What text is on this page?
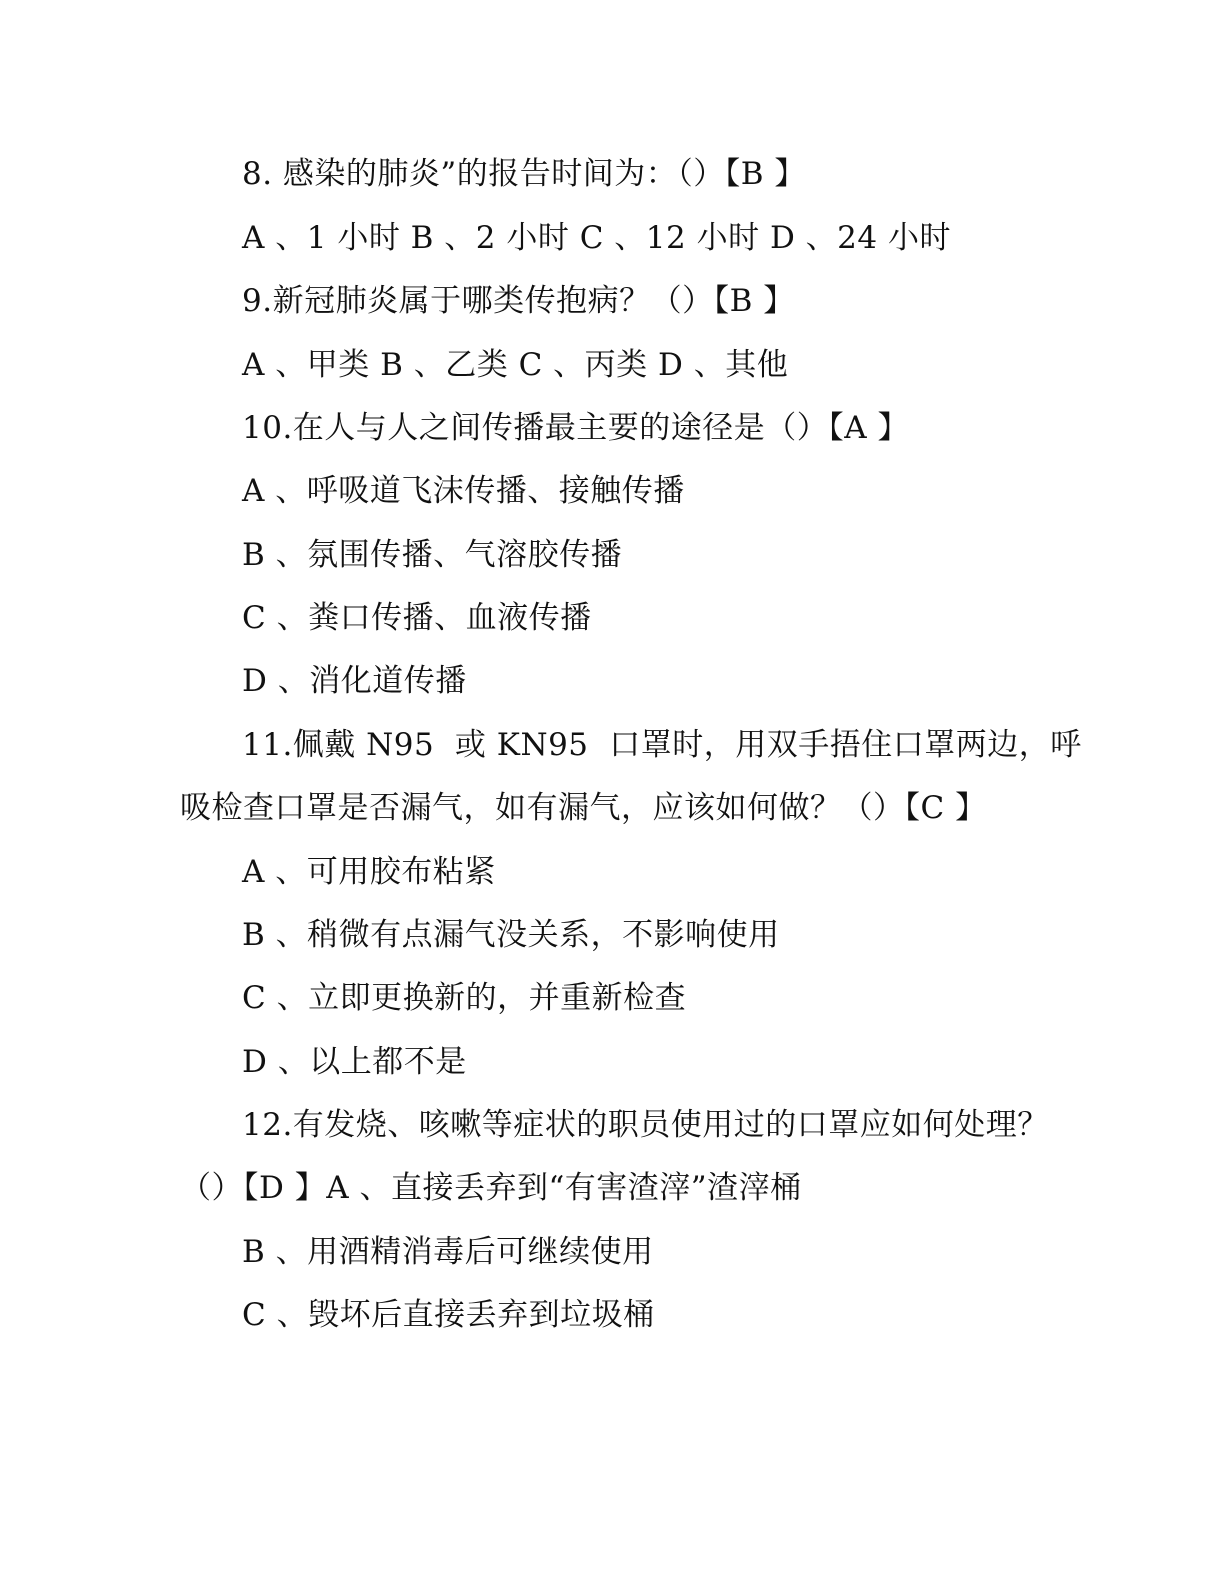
8. 感染的肺炎”的报告时间为：（）【B 】
A 、1 小时 B 、2 小时 C 、12 小时 D 、24 小时
9.新冠肺炎属于哪类传抱病？（）【B 】
A 、甲类 B 、乙类 C 、丙类 D 、其他
10.在人与人之间传播最主要的途径是（）【A 】
A 、呼吸道飞沫传播、接触传播
B 、氛围传播、气溶胶传播
C 、粪口传播、血液传播
D 、消化道传播
11.佩戴 N95  或 KN95  口罩时，用双手捂住口罩两边，呼
吸检查口罩是否漏气，如有漏气，应该如何做？（）【C 】
A 、可用胶布粘紧
B 、稍微有点漏气没关系，不影响使用
C 、立即更换新的，并重新检查
D 、以上都不是
12.有发烧、咳嗽等症状的职员使用过的口罩应如何处理？
（）【D 】A 、直接丢弃到“有害渣滓”渣滓桶
B 、用酒精消毒后可继续使用
C 、毁坏后直接丢弃到垃圾桶
